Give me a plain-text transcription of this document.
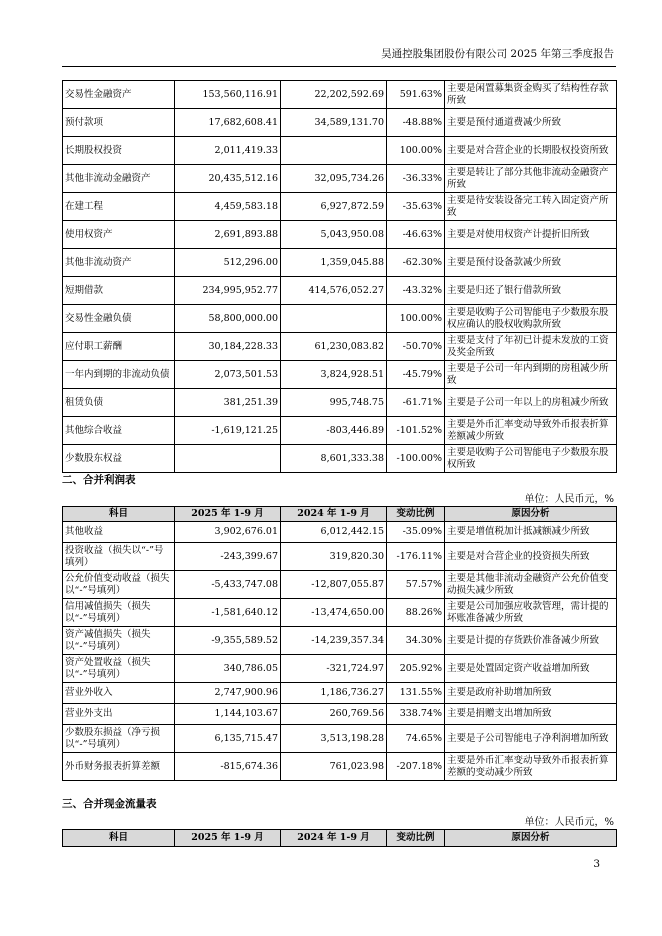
昊通控股集团股份有限公司 2025 年第三季度报告
交易性金融资产	153,560,116.91	22,202,592.69	591.63%	主要是闲置募集资金购买了结构性存款所致
预付款项	17,682,608.41	34,589,131.70	-48.88%	主要是预付通道费减少所致
长期股权投资	2,011,419.33		100.00%	主要是对合营企业的长期股权投资所致
其他非流动金融资产	20,435,512.16	32,095,734.26	-36.33%	主要是转让了部分其他非流动金融资产所致
在建工程	4,459,583.18	6,927,872.59	-35.63%	主要是待安装设备完工转入固定资产所致
使用权资产	2,691,893.88	5,043,950.08	-46.63%	主要是对使用权资产计提折旧所致
其他非流动资产	512,296.00	1,359,045.88	-62.30%	主要是预付设备款减少所致
短期借款	234,995,952.77	414,576,052.27	-43.32%	主要是归还了银行借款所致
交易性金融负债	58,800,000.00		100.00%	主要是收购子公司智能电子少数股东股权应确认的股权收购款所致
应付职工薪酬	30,184,228.33	61,230,083.82	-50.70%	主要是支付了年初已计提未发放的工资及奖金所致
一年内到期的非流动负债	2,073,501.53	3,824,928.51	-45.79%	主要是子公司一年内到期的房租减少所致
租赁负债	381,251.39	995,748.75	-61.71%	主要是子公司一年以上的房租减少所致
其他综合收益	-1,619,121.25	-803,446.89	-101.52%	主要是外币汇率变动导致外币报表折算差额减少所致
少数股东权益		8,601,333.38	-100.00%	主要是收购子公司智能电子少数股东股权所致
二、合并利润表
单位：人民币元，%
科目	2025 年 1-9 月	2024 年 1-9 月	变动比例	原因分析
其他收益	3,902,676.01	6,012,442.15	-35.09%	主要是增值税加计抵减额减少所致
投资收益（损失以“-”号填列）	-243,399.67	319,820.30	-176.11%	主要是对合营企业的投资损失所致
公允价值变动收益（损失以“-”号填列）	-5,433,747.08	-12,807,055.87	57.57%	主要是其他非流动金融资产公允价值变动损失减少所致
信用减值损失（损失以“-”号填列）	-1,581,640.12	-13,474,650.00	88.26%	主要是公司加强应收款管理，需计提的坏账准备减少所致
资产减值损失（损失以“-”号填列）	-9,355,589.52	-14,239,357.34	34.30%	主要是计提的存货跌价准备减少所致
资产处置收益（损失以“-”号填列）	340,786.05	-321,724.97	205.92%	主要是处置固定资产收益增加所致
营业外收入	2,747,900.96	1,186,736.27	131.55%	主要是政府补助增加所致
营业外支出	1,144,103.67	260,769.56	338.74%	主要是捐赠支出增加所致
少数股东损益（净亏损以“-”号填列）	6,135,715.47	3,513,198.28	74.65%	主要是子公司智能电子净利润增加所致
外币财务报表折算差额	-815,674.36	761,023.98	-207.18%	主要是外币汇率变动导致外币报表折算差额的变动减少所致
三、合并现金流量表
单位：人民币元，%
科目	2025 年 1-9 月	2024 年 1-9 月	变动比例	原因分析
3
